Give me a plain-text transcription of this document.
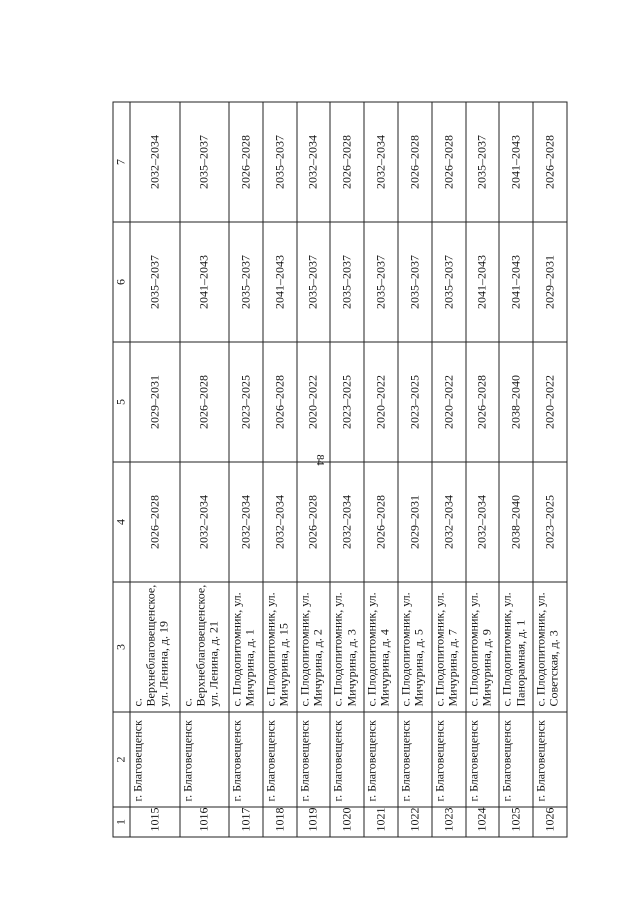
84
1	2	3	4	5	6	7
1015	г. Благовещенск	с. Верхнеблаговещенское, ул. Ленина, д. 19	2026–2028	2029–2031	2035–2037	2032–2034
1016	г. Благовещенск	с. Верхнеблаговещенское, ул. Ленина, д. 21	2032–2034	2026–2028	2041–2043	2035–2037
1017	г. Благовещенск	с. Плодопитомник, ул. Мичурина, д. 1	2032–2034	2023–2025	2035–2037	2026–2028
1018	г. Благовещенск	с. Плодопитомник, ул. Мичурина, д. 15	2032–2034	2026–2028	2041–2043	2035–2037
1019	г. Благовещенск	с. Плодопитомник, ул. Мичурина, д. 2	2026–2028	2020–2022	2035–2037	2032–2034
1020	г. Благовещенск	с. Плодопитомник, ул. Мичурина, д. 3	2032–2034	2023–2025	2035–2037	2026–2028
1021	г. Благовещенск	с. Плодопитомник, ул. Мичурина, д. 4	2026–2028	2020–2022	2035–2037	2032–2034
1022	г. Благовещенск	с. Плодопитомник, ул. Мичурина, д. 5	2029–2031	2023–2025	2035–2037	2026–2028
1023	г. Благовещенск	с. Плодопитомник, ул. Мичурина, д. 7	2032–2034	2020–2022	2035–2037	2026–2028
1024	г. Благовещенск	с. Плодопитомник, ул. Мичурина, д. 9	2032–2034	2026–2028	2041–2043	2035–2037
1025	г. Благовещенск	с. Плодопитомник, ул. Панорамная, д. 1	2038–2040	2038–2040	2041–2043	2041–2043
1026	г. Благовещенск	с. Плодопитомник, ул. Советская, д. 3	2023–2025	2020–2022	2029–2031	2026–2028
